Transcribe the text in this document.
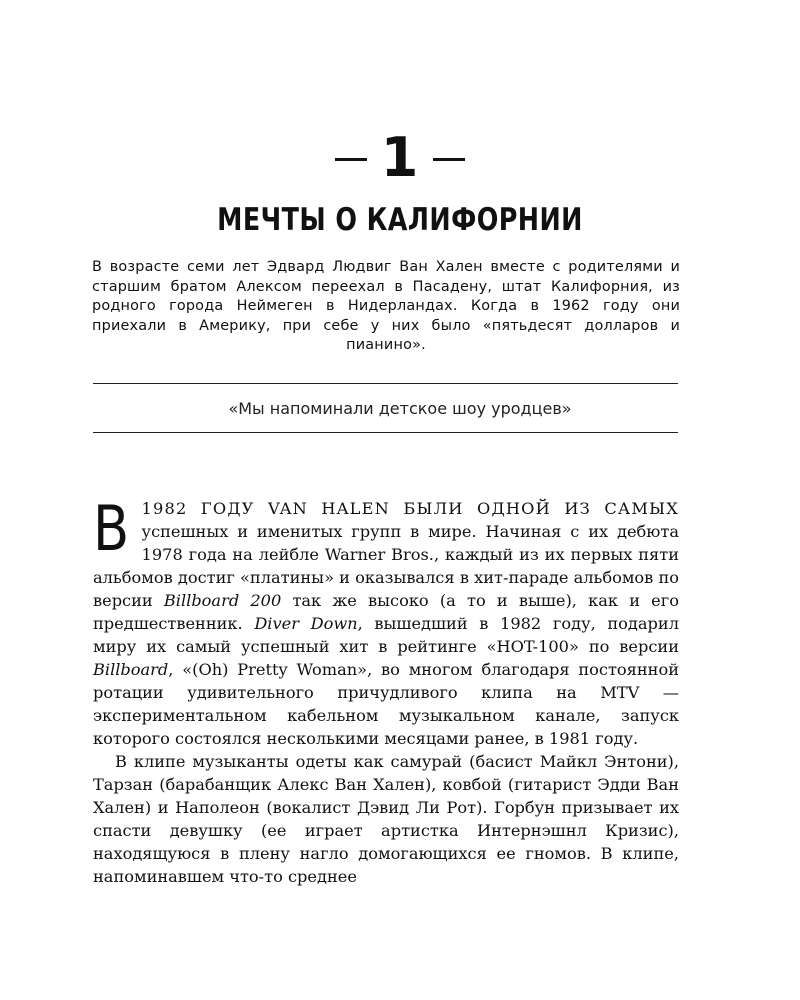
1
МЕЧТЫ О КАЛИФОРНИИ
В возрасте семи лет Эдвард Людвиг Ван Хален вместе с родителями и старшим братом Алексом переехал в Пасадену, штат Калифорния, из родного города Неймеген в Нидерландах. Когда в 1962 году они приехали в Америку, при себе у них было «пятьдесят долларов и пианино».
«Мы напоминали детское шоу уродцев»

В 1982 ГОДУ VAN HALEN БЫЛИ ОДНОЙ ИЗ САМЫХ успешных и именитых групп в мире. Начиная с их дебюта 1978 года на лейбле Warner Bros., каждый из их первых пяти альбомов достиг «платины» и оказывался в хит-параде альбомов по версии Billboard 200 так же высоко (а то и выше), как и его предшественник. Diver Down, вышедший в 1982 году, подарил миру их самый успешный хит в рейтинге «HOT-100» по версии Billboard, «(Oh) Pretty Woman», во многом благодаря постоянной ротации удивительного причудливого клипа на MTV — экспериментальном кабельном музыкальном канале, запуск которого состоялся несколькими месяцами ранее, в 1981 году.

В клипе музыканты одеты как самурай (басист Майкл Энтони), Тарзан (барабанщик Алекс Ван Хален), ковбой (гитарист Эдди Ван Хален) и Наполеон (вокалист Дэвид Ли Рот). Горбун призывает их спасти девушку (ее играет артистка Интернэшнл Кризис), находящуюся в плену нагло домогающихся ее гномов. В клипе, напоминавшем что-то среднее
